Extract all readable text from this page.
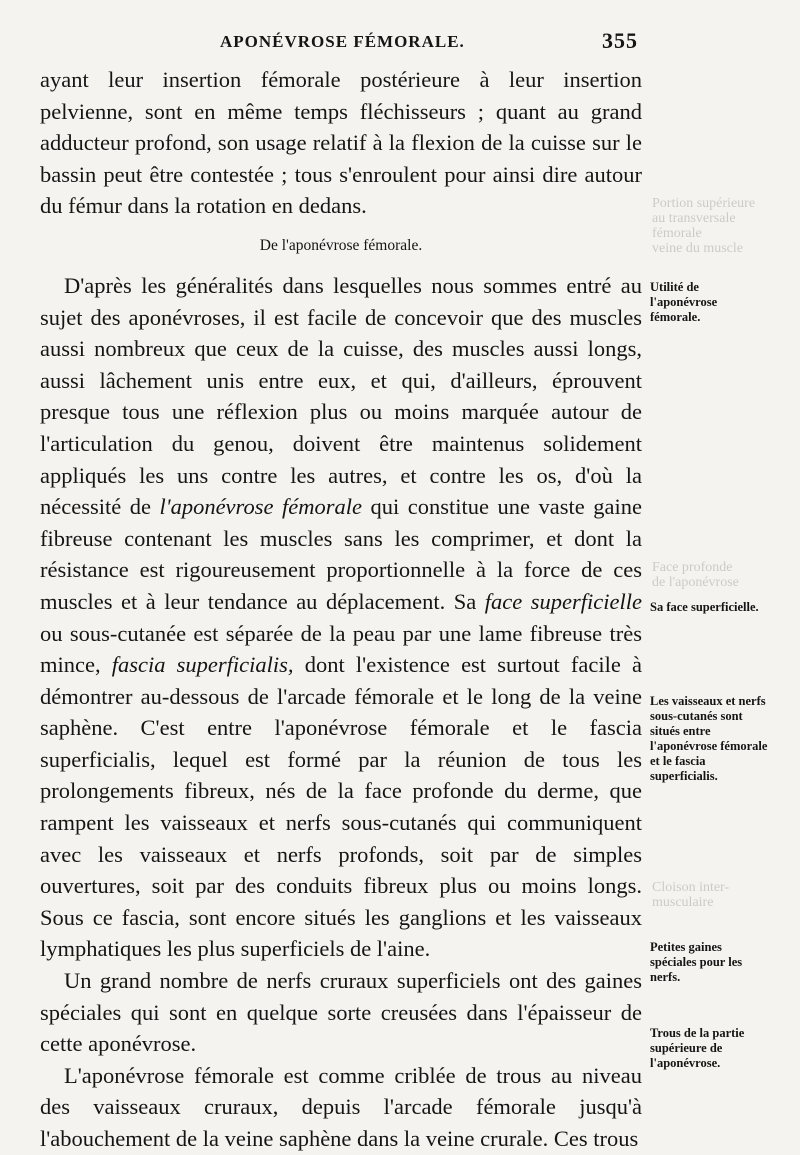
Portion supérieure
au transversale
fémorale
veine du muscle
Face profonde
de l'aponévrose
Cloison inter-
musculaire
APONÉVROSE FÉMORALE.	355

ayant leur insertion fémorale postérieure à leur insertion pelvienne, sont en même temps fléchisseurs ; quant au grand adducteur profond, son usage relatif à la flexion de la cuisse sur le bassin peut être contestée ; tous s'enroulent pour ainsi dire autour du fémur dans la rotation en dedans.

De l'aponévrose fémorale.

D'après les généralités dans lesquelles nous sommes entré au sujet des aponévroses, il est facile de concevoir que des muscles aussi nombreux que ceux de la cuisse, des muscles aussi longs, aussi lâchement unis entre eux, et qui, d'ailleurs, éprouvent presque tous une réflexion plus ou moins marquée autour de l'articulation du genou, doivent être maintenus solidement appliqués les uns contre les autres, et contre les os, d'où la nécessité de l'aponévrose fémorale qui constitue une vaste gaine fibreuse contenant les muscles sans les comprimer, et dont la résistance est rigoureusement proportionnelle à la force de ces muscles et à leur tendance au déplacement. Sa face superficielle ou sous-cutanée est séparée de la peau par une lame fibreuse très mince, fascia superficialis, dont l'existence est surtout facile à démontrer au-dessous de l'arcade fémorale et le long de la veine saphène. C'est entre l'aponévrose fémorale et le fascia superficialis, lequel est formé par la réunion de tous les prolongements fibreux, nés de la face profonde du derme, que rampent les vaisseaux et nerfs sous-cutanés qui communiquent avec les vaisseaux et nerfs profonds, soit par de simples ouvertures, soit par des conduits fibreux plus ou moins longs. Sous ce fascia, sont encore situés les ganglions et les vaisseaux lymphatiques les plus superficiels de l'aine.

Un grand nombre de nerfs cruraux superficiels ont des gaines spéciales qui sont en quelque sorte creusées dans l'épaisseur de cette aponévrose.

L'aponévrose fémorale est comme criblée de trous au niveau des vaisseaux cruraux, depuis l'arcade fémorale jusqu'à l'abouchement de la veine saphène dans la veine crurale. Ces trous

Utilité de l'aponévrose fémorale.
Sa face superficielle.
Les vaisseaux et nerfs sous-cutanés sont situés entre l'aponévrose fémorale et le fascia superficialis.
Petites gaines spéciales pour les nerfs.
Trous de la partie supérieure de l'aponévrose.
